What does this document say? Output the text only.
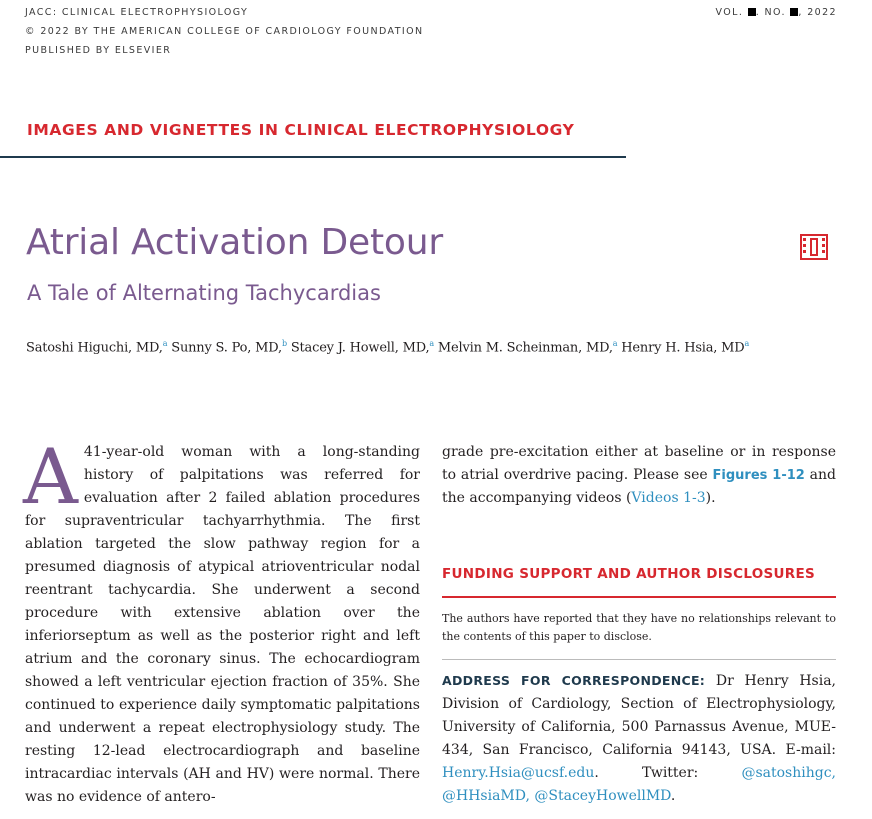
JACC: CLINICAL ELECTROPHYSIOLOGY
© 2022 BY THE AMERICAN COLLEGE OF CARDIOLOGY FOUNDATION
PUBLISHED BY ELSEVIER
VOL. . NO. , 2022
IMAGES AND VIGNETTES IN CLINICAL ELECTROPHYSIOLOGY
Atrial Activation Detour
A Tale of Alternating Tachycardias
Satoshi Higuchi, MD,$^a$ Sunny S. Po, MD,$^b$ Stacey J. Howell, MD,$^a$ Melvin M. Scheinman, MD,$^a$ Henry H. Hsia, $MD^a$
A 41-year-old woman with a long-standing history of palpitations was referred for evaluation after 2 failed ablation procedures for supraventricular tachyarrhythmia. The first ablation targeted the slow pathway region for a presumed diagnosis of atypical atrioventricular nodal reentrant tachycardia. She underwent a second procedure with extensive ablation over the inferiorseptum as well as the posterior right and left atrium and the coronary sinus. The echocardiogram showed a left ventricular ejection fraction of 35%. She continued to experience daily symptomatic palpitations and underwent a repeat electrophysiology study. The resting 12-lead electrocardiograph and baseline intracardiac intervals (AH and HV) were normal. There was no evidence of antero-

grade pre-excitation either at baseline or in response to atrial overdrive pacing. Please see Figures 1-12 and the accompanying videos (Videos 1-3).

FUNDING SUPPORT AND AUTHOR DISCLOSURES
The authors have reported that they have no relationships relevant to the contents of this paper to disclose.
ADDRESS FOR CORRESPONDENCE: Dr Henry Hsia, Division of Cardiology, Section of Electrophysiology, University of California, 500 Parnassus Avenue, MUE-434, San Francisco, California 94143, USA. E-mail: Henry.Hsia@ucsf.edu. Twitter:	@satoshihgc, @HHsiaMD, @StaceyHowellMD.
